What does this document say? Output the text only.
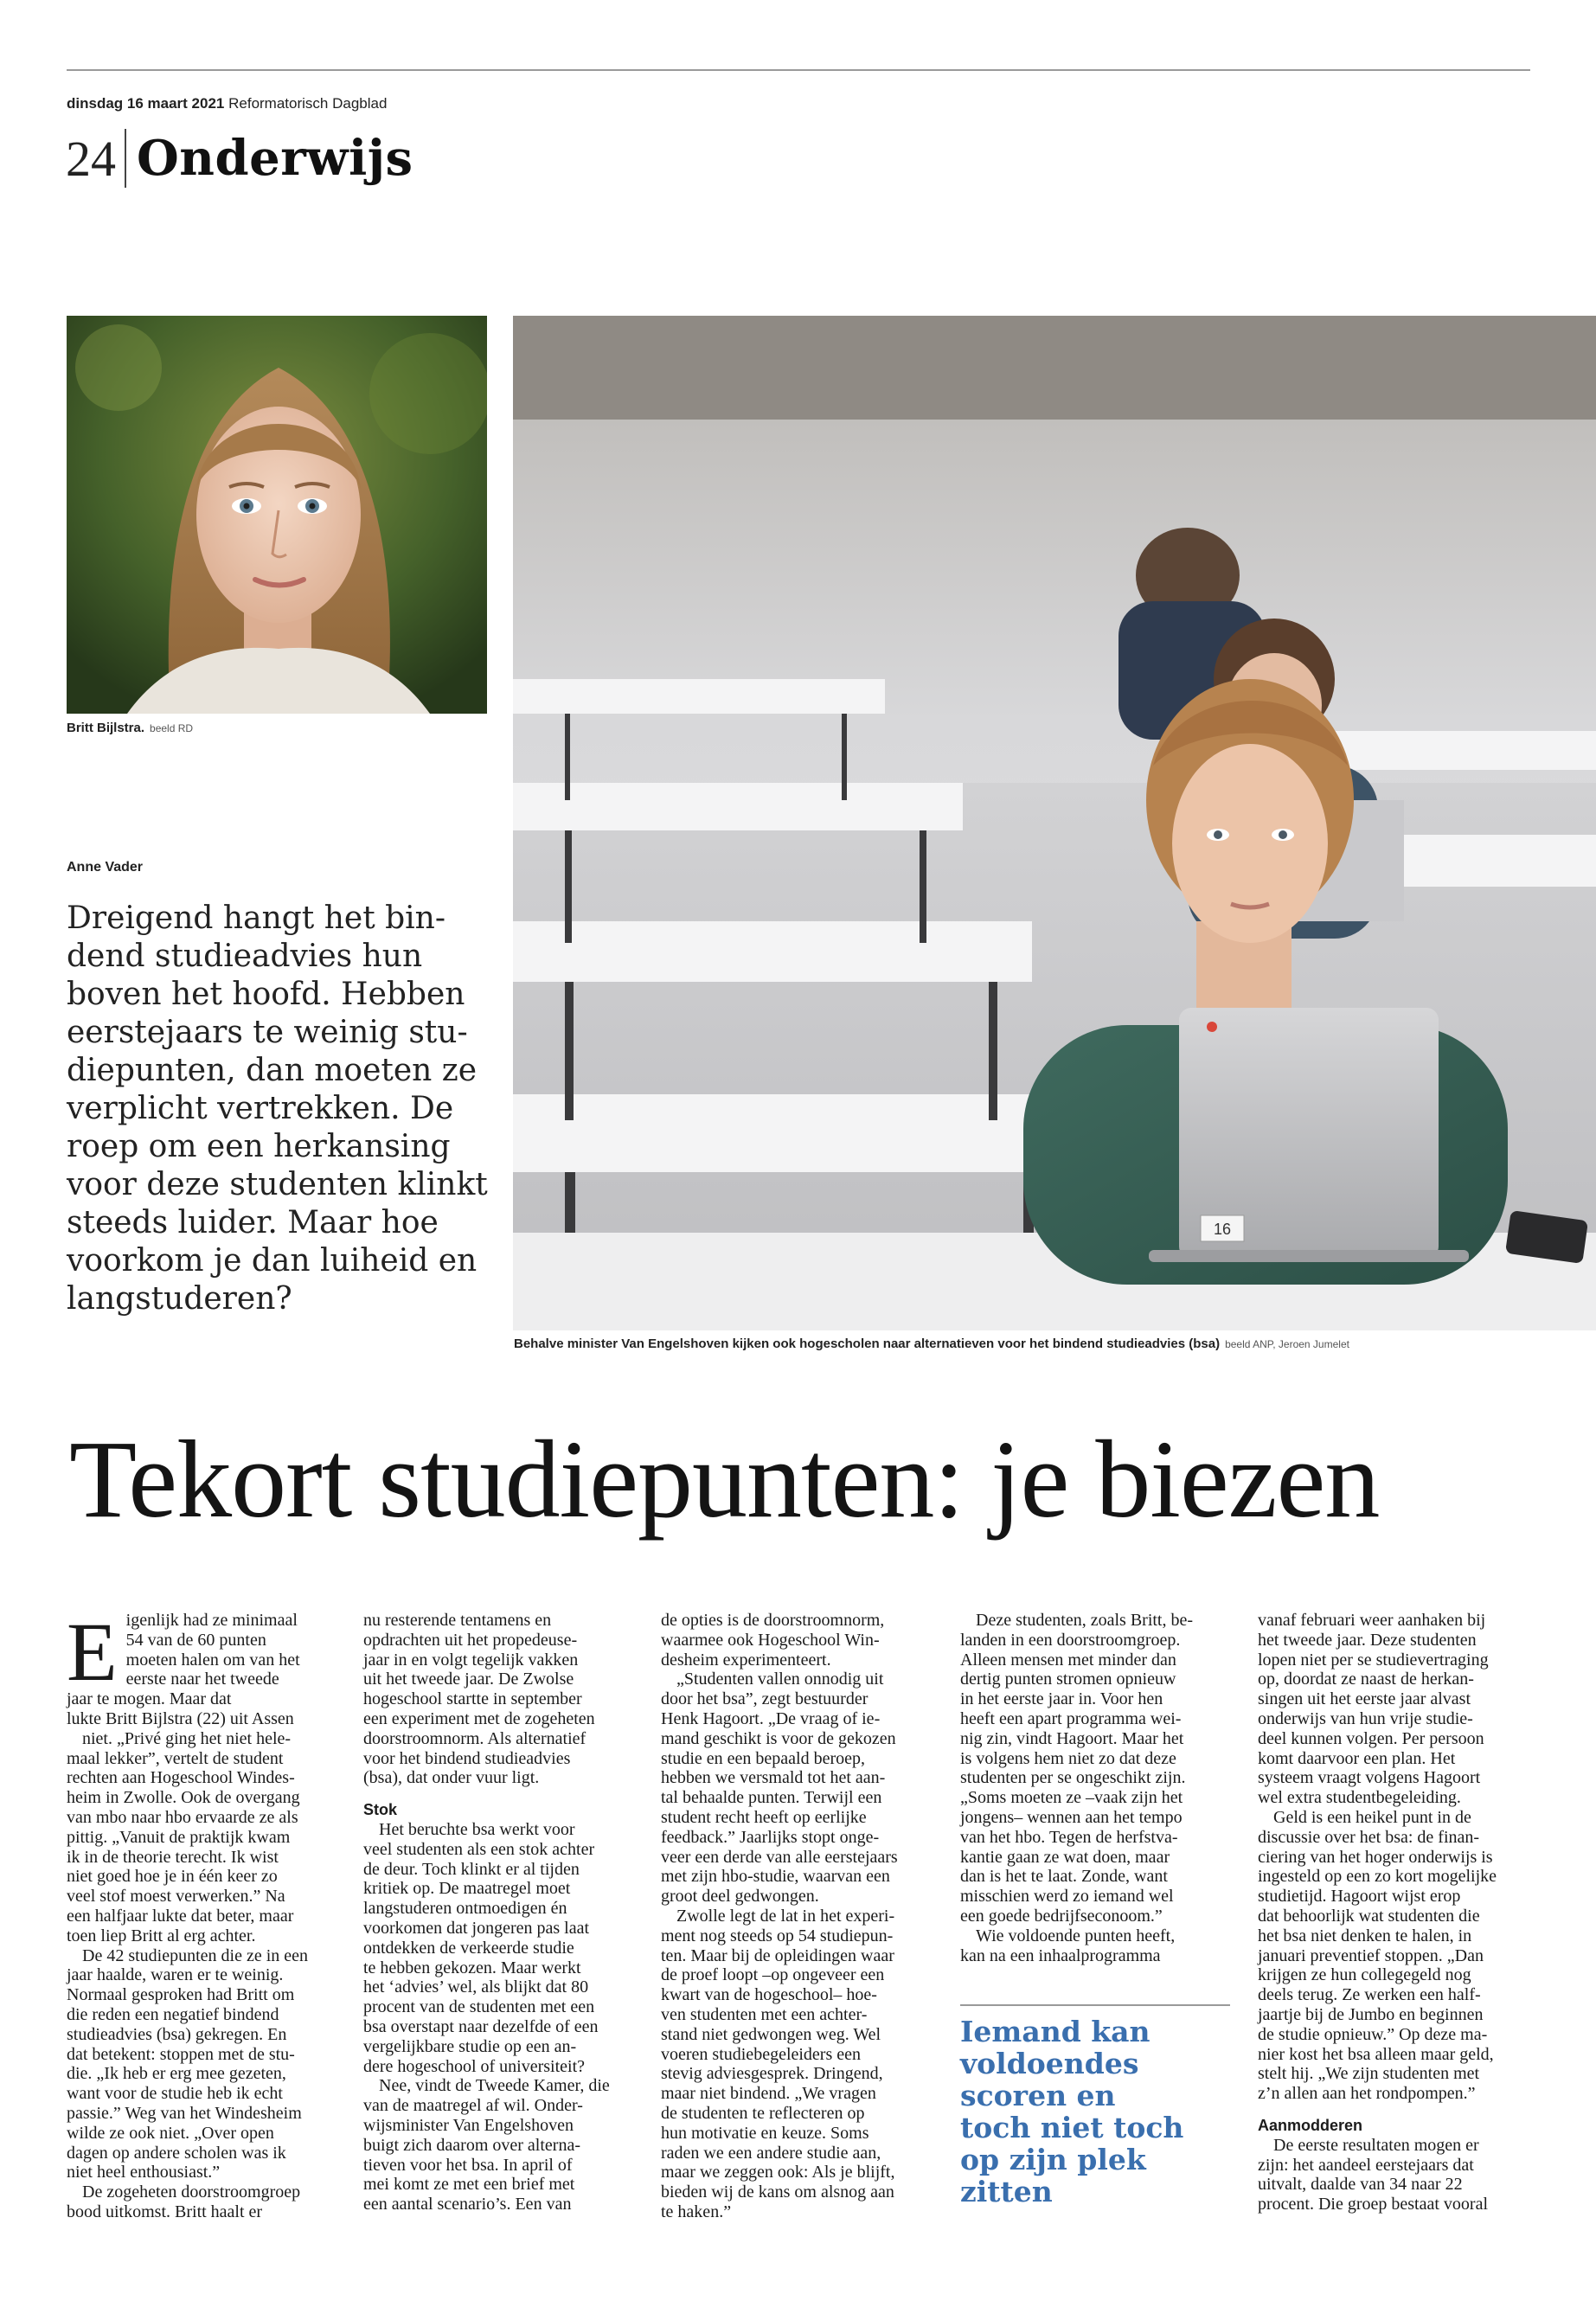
dinsdag 16 maart 2021 Reformatorisch Dagblad
24 Onderwijs
Britt Bijlstra. beeld RD
16
Behalve minister Van Engelshoven kijken ook hogescholen naar alternatieven voor het bindend studieadvies (bsa) beeld ANP, Jeroen Jumelet
Anne Vader

Dreigend hangt het bin-
dend studieadvies hun
boven het hoofd. Hebben
eerstejaars te weinig stu-
diepunten, dan moeten ze
verplicht vertrekken. De
roep om een herkansing
voor deze studenten klinkt
steeds luider. Maar hoe
voorkom je dan luiheid en
langstuderen?

Tekort studiepunten: je biezen
E igenlijk had ze minimaal
54 van de 60 punten
moeten halen om van het
eerste naar het tweede
jaar te mogen. Maar dat
lukte Britt Bijlstra (22) uit Assen
niet. „Privé ging het niet hele-
maal lekker”, vertelt de student
rechten aan Hogeschool Windes-
heim in Zwolle. Ook de overgang
van mbo naar hbo ervaarde ze als
pittig. „Vanuit de praktijk kwam
ik in de theorie terecht. Ik wist
niet goed hoe je in één keer zo
veel stof moest verwerken.” Na
een halfjaar lukte dat beter, maar
toen liep Britt al erg achter.
De 42 studiepunten die ze in een
jaar haalde, waren er te weinig.
Normaal gesproken had Britt om
die reden een negatief bindend
studieadvies (bsa) gekregen. En
dat betekent: stoppen met de stu-
die. „Ik heb er erg mee gezeten,
want voor de studie heb ik echt
passie.” Weg van het Windesheim
wilde ze ook niet. „Over open
dagen op andere scholen was ik
niet heel enthousiast.”
De zogeheten doorstroomgroep
bood uitkomst. Britt haalt er
nu resterende tentamens en
opdrachten uit het propedeuse-
jaar in en volgt tegelijk vakken
uit het tweede jaar. De Zwolse
hogeschool startte in september
een experiment met de zogeheten
doorstroomnorm. Als alternatief
voor het bindend studieadvies
(bsa), dat onder vuur ligt.
Stok
Het beruchte bsa werkt voor
veel studenten als een stok achter
de deur. Toch klinkt er al tijden
kritiek op. De maatregel moet
langstuderen ontmoedigen én
voorkomen dat jongeren pas laat
ontdekken de verkeerde studie
te hebben gekozen. Maar werkt
het ‘advies’ wel, als blijkt dat 80
procent van de studenten met een
bsa overstapt naar dezelfde of een
vergelijkbare studie op een an-
dere hogeschool of universiteit?
Nee, vindt de Tweede Kamer, die
van de maatregel af wil. Onder-
wijsminister Van Engelshoven
buigt zich daarom over alterna-
tieven voor het bsa. In april of
mei komt ze met een brief met
een aantal scenario’s. Een van
de opties is de doorstroomnorm,
waarmee ook Hogeschool Win-
desheim experimenteert.
„Studenten vallen onnodig uit
door het bsa”, zegt bestuurder
Henk Hagoort. „De vraag of ie-
mand geschikt is voor de gekozen
studie en een bepaald beroep,
hebben we versmald tot het aan-
tal behaalde punten. Terwijl een
student recht heeft op eerlijke
feedback.” Jaarlijks stopt onge-
veer een derde van alle eerstejaars
met zijn hbo-studie, waarvan een
groot deel gedwongen.
Zwolle legt de lat in het experi-
ment nog steeds op 54 studiepun-
ten. Maar bij de opleidingen waar
de proef loopt –op ongeveer een
kwart van de hogeschool– hoe-
ven studenten met een achter-
stand niet gedwongen weg. Wel
voeren studiebegeleiders een
stevig adviesgesprek. Dringend,
maar niet bindend. „We vragen
de studenten te reflecteren op
hun motivatie en keuze. Soms
raden we een andere studie aan,
maar we zeggen ook: Als je blijft,
bieden wij de kans om alsnog aan
te haken.”
Deze studenten, zoals Britt, be-
landen in een doorstroomgroep.
Alleen mensen met minder dan
dertig punten stromen opnieuw
in het eerste jaar in. Voor hen
heeft een apart programma wei-
nig zin, vindt Hagoort. Maar het
is volgens hem niet zo dat deze
studenten per se ongeschikt zijn.
„Soms moeten ze –vaak zijn het
jongens– wennen aan het tempo
van het hbo. Tegen de herfstva-
kantie gaan ze wat doen, maar
dan is het te laat. Zonde, want
misschien werd zo iemand wel
een goede bedrijfseconoom.”
Wie voldoende punten heeft,
kan na een inhaalprogramma
Iemand kan
voldoendes
scoren en
toch niet toch
op zijn plek
zitten
vanaf februari weer aanhaken bij
het tweede jaar. Deze studenten
lopen niet per se studievertraging
op, doordat ze naast de herkan-
singen uit het eerste jaar alvast
onderwijs van hun vrije studie-
deel kunnen volgen. Per persoon
komt daarvoor een plan. Het
systeem vraagt volgens Hagoort
wel extra studentbegeleiding.
Geld is een heikel punt in de
discussie over het bsa: de finan-
ciering van het hoger onderwijs is
ingesteld op een zo kort mogelijke
studietijd. Hagoort wijst erop
dat behoorlijk wat studenten die
het bsa niet denken te halen, in
januari preventief stoppen. „Dan
krijgen ze hun collegegeld nog
deels terug. Ze werken een half-
jaartje bij de Jumbo en beginnen
de studie opnieuw.” Op deze ma-
nier kost het bsa alleen maar geld,
stelt hij. „We zijn studenten met
z’n allen aan het rondpompen.”
Aanmodderen
De eerste resultaten mogen er
zijn: het aandeel eerstejaars dat
uitvalt, daalde van 34 naar 22
procent. Die groep bestaat vooral
